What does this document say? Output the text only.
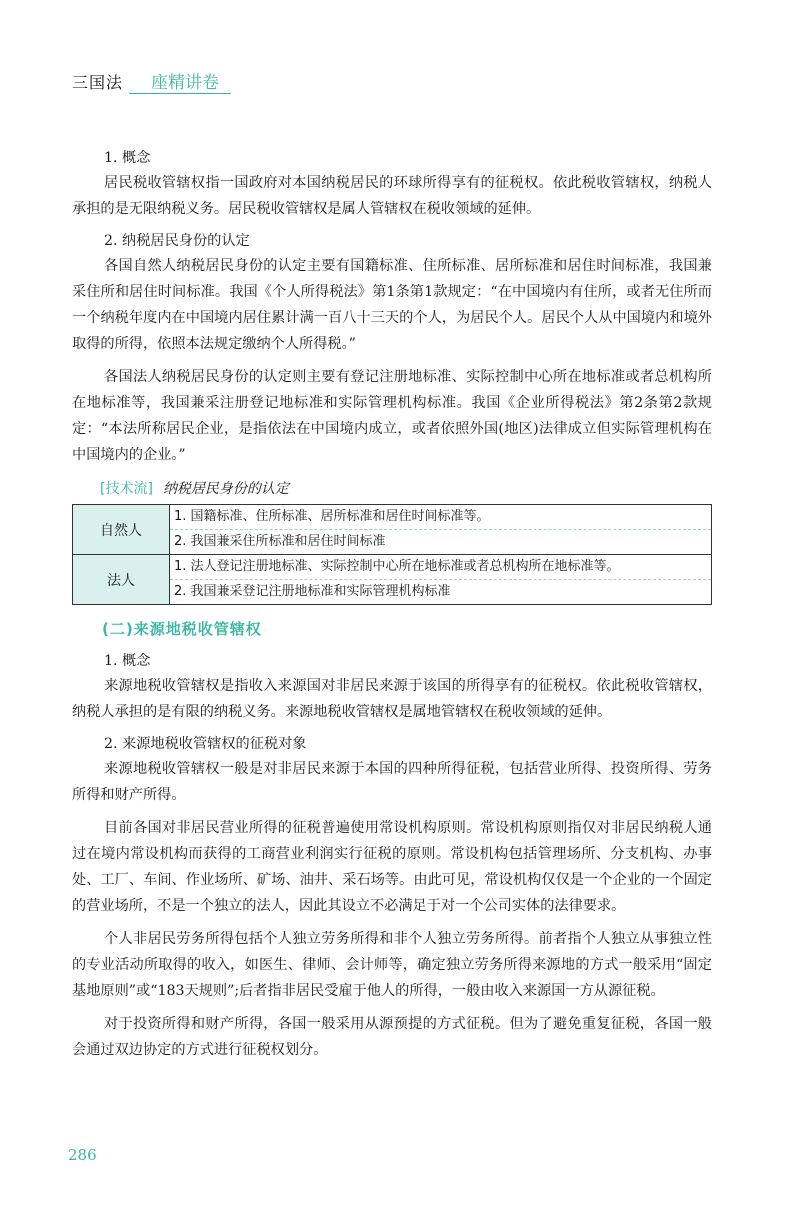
三国法 座精讲卷

1. 概念

居民税收管辖权指一国政府对本国纳税居民的环球所得享有的征税权。依此税收管辖权，纳税人承担的是无限纳税义务。居民税收管辖权是属人管辖权在税收领域的延伸。

2. 纳税居民身份的认定

各国自然人纳税居民身份的认定主要有国籍标准、住所标准、居所标准和居住时间标准，我国兼采住所和居住时间标准。我国《个人所得税法》第1条第1款规定：“在中国境内有住所，或者无住所而一个纳税年度内在中国境内居住累计满一百八十三天的个人，为居民个人。居民个人从中国境内和境外取得的所得，依照本法规定缴纳个人所得税。”

各国法人纳税居民身份的认定则主要有登记注册地标准、实际控制中心所在地标准或者总机构所在地标准等，我国兼采注册登记地标准和实际管理机构标准。我国《企业所得税法》第2条第2款规定：“本法所称居民企业，是指依法在中国境内成立，或者依照外国(地区)法律成立但实际管理机构在中国境内的企业。”

[技术流] 纳税居民身份的认定
自然人	1. 国籍标准、住所标准、居所标准和居住时间标准等。
2. 我国兼采住所标准和居住时间标准

法人	1. 法人登记注册地标准、实际控制中心所在地标准或者总机构所在地标准等。
2. 我国兼采登记注册地标准和实际管理机构标准
(二)来源地税收管辖权

1. 概念

来源地税收管辖权是指收入来源国对非居民来源于该国的所得享有的征税权。依此税收管辖权，纳税人承担的是有限的纳税义务。来源地税收管辖权是属地管辖权在税收领域的延伸。

2. 来源地税收管辖权的征税对象

来源地税收管辖权一般是对非居民来源于本国的四种所得征税，包括营业所得、投资所得、劳务所得和财产所得。

目前各国对非居民营业所得的征税普遍使用常设机构原则。常设机构原则指仅对非居民纳税人通过在境内常设机构而获得的工商营业利润实行征税的原则。常设机构包括管理场所、分支机构、办事处、工厂、车间、作业场所、矿场、油井、采石场等。由此可见，常设机构仅仅是一个企业的一个固定的营业场所，不是一个独立的法人，因此其设立不必满足于对一个公司实体的法律要求。

个人非居民劳务所得包括个人独立劳务所得和非个人独立劳务所得。前者指个人独立从事独立性的专业活动所取得的收入，如医生、律师、会计师等，确定独立劳务所得来源地的方式一般采用“固定基地原则”或“183天规则”;后者指非居民受雇于他人的所得，一般由收入来源国一方从源征税。

对于投资所得和财产所得，各国一般采用从源预提的方式征税。但为了避免重复征税，各国一般会通过双边协定的方式进行征税权划分。

286
